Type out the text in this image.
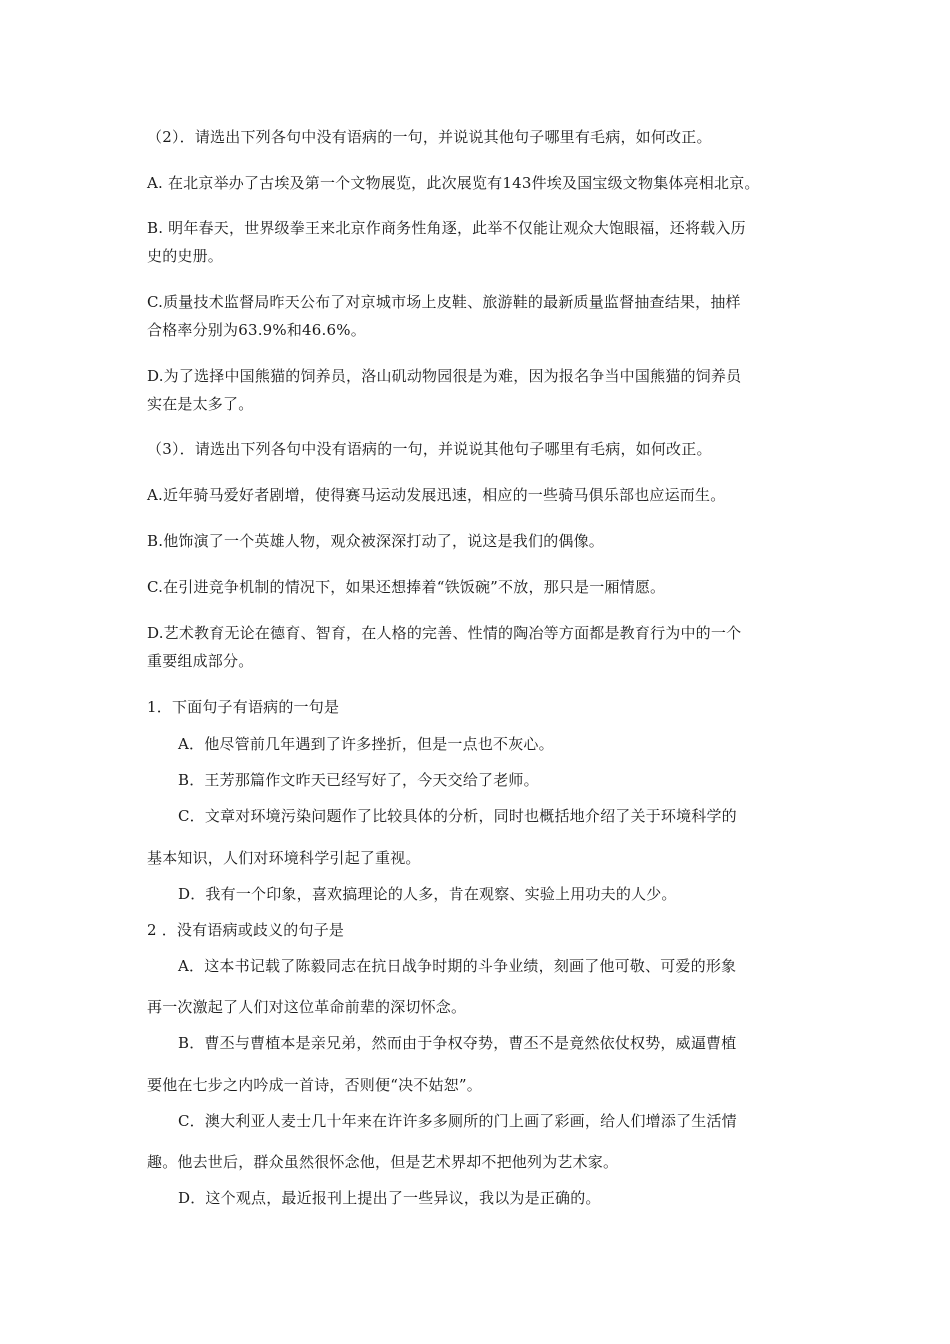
（2）．请选出下列各句中没有语病的一句，并说说其他句子哪里有毛病，如何改正。
A. 在北京举办了古埃及第一个文物展览，此次展览有143件埃及国宝级文物集体亮相北京。
B. 明年春天，世界级拳王来北京作商务性角逐，此举不仅能让观众大饱眼福，还将载入历
史的史册。
C.质量技术监督局昨天公布了对京城市场上皮鞋、旅游鞋的最新质量监督抽查结果，抽样
合格率分别为63.9%和46.6%。
D.为了选择中国熊猫的饲养员，洛山矶动物园很是为难，因为报名争当中国熊猫的饲养员
实在是太多了。
（3）．请选出下列各句中没有语病的一句，并说说其他句子哪里有毛病，如何改正。
A.近年骑马爱好者剧增，使得赛马运动发展迅速，相应的一些骑马俱乐部也应运而生。
B.他饰演了一个英雄人物，观众被深深打动了，说这是我们的偶像。
C.在引进竞争机制的情况下，如果还想捧着“铁饭碗”不放，那只是一厢情愿。
D.艺术教育无论在德育、智育，在人格的完善、性情的陶冶等方面都是教育行为中的一个
重要组成部分。
1．下面句子有语病的一句是
A．他尽管前几年遇到了许多挫折，但是一点也不灰心。
B．王芳那篇作文昨天已经写好了，今天交给了老师。
C．文章对环境污染问题作了比较具体的分析，同时也概括地介绍了关于环境科学的
基本知识，人们对环境科学引起了重视。
D．我有一个印象，喜欢搞理论的人多，肯在观察、实验上用功夫的人少。
2 ．没有语病或歧义的句子是
A．这本书记载了陈毅同志在抗日战争时期的斗争业绩，刻画了他可敬、可爱的形象
再一次激起了人们对这位革命前辈的深切怀念。
B．曹丕与曹植本是亲兄弟，然而由于争权夺势，曹丕不是竟然依仗权势，威逼曹植
要他在七步之内吟成一首诗，否则便“决不姑恕”。
C．澳大利亚人麦士几十年来在许许多多厕所的门上画了彩画，给人们增添了生活情
趣。他去世后，群众虽然很怀念他，但是艺术界却不把他列为艺术家。
D．这个观点，最近报刊上提出了一些异议，我以为是正确的。
